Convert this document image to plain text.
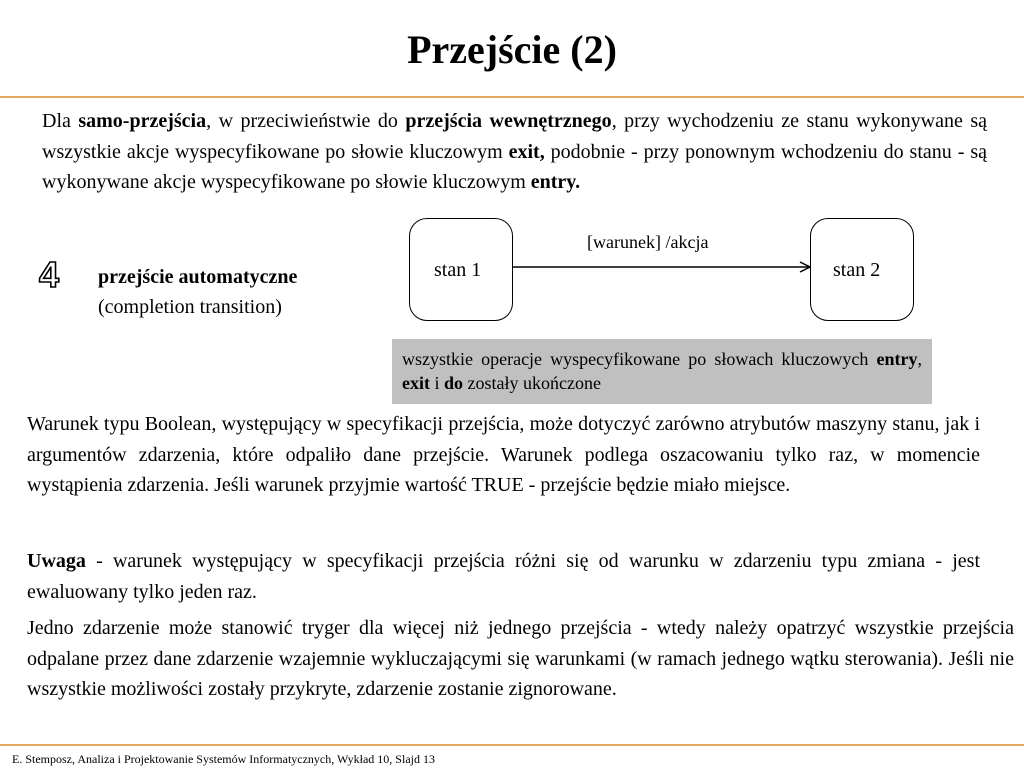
Przejście (2)

Dla samo-przejścia, w przeciwieństwie do przejścia wewnętrznego, przy wychodzeniu ze stanu wykonywane są wszystkie akcje wyspecyfikowane po słowie kluczowym exit, podobnie - przy ponownym wchodzeniu do stanu - są wykonywane akcje wyspecyfikowane po słowie kluczowym entry.

4 przejście automatyczne
(completion transition)
stan 1
[warunek] /akcja
stan 2
wszystkie operacje wyspecyfikowane po słowach kluczowych entry, exit i do zostały ukończone

Warunek typu Boolean, występujący w specyfikacji przejścia, może dotyczyć zarówno atrybutów maszyny stanu, jak i argumentów zdarzenia, które odpaliło dane przejście. Warunek podlega oszacowaniu tylko raz, w momencie wystąpienia zdarzenia. Jeśli warunek przyjmie wartość TRUE - przejście będzie miało miejsce.

Uwaga - warunek występujący w specyfikacji przejścia różni się od warunku w zdarzeniu typu zmiana - jest ewaluowany tylko jeden raz.

Jedno zdarzenie może stanowić tryger dla więcej niż jednego przejścia - wtedy należy opatrzyć wszystkie przejścia odpalane przez dane zdarzenie wzajemnie wykluczającymi się warunkami (w ramach jednego wątku sterowania). Jeśli nie wszystkie możliwości zostały przykryte, zdarzenie zostanie zignorowane.

E. Stemposz, Analiza i Projektowanie Systemów Informatycznych, Wykład 10, Slajd 13
